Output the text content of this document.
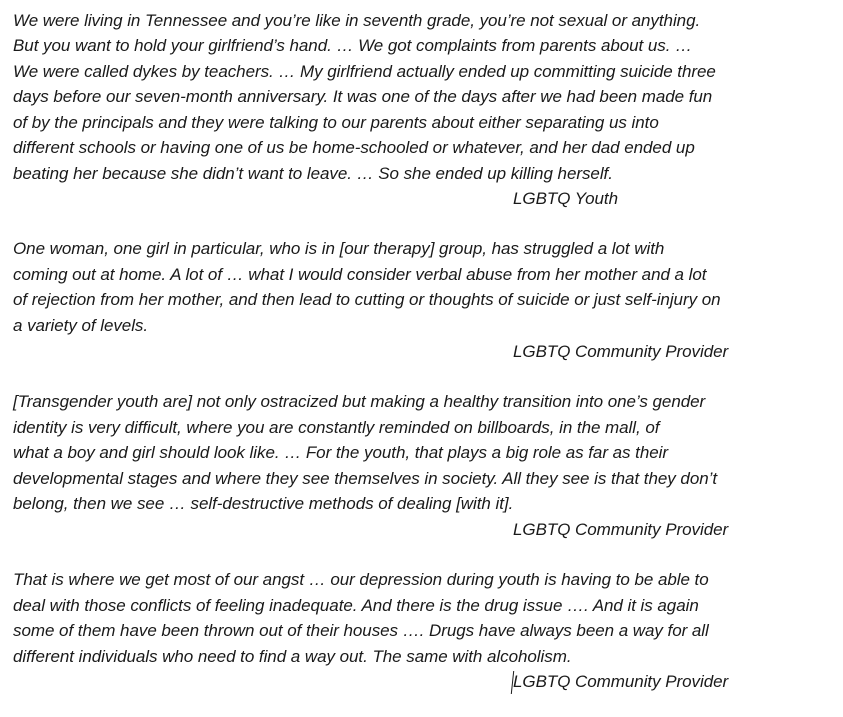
We were living in Tennessee and you’re like in seventh grade, you’re not sexual or anything.

But you want to hold your girlfriend’s hand. … We got complaints from parents about us. …

We were called dykes by teachers. … My girlfriend actually ended up committing suicide three

days before our seven-month anniversary. It was one of the days after we had been made fun

of by the principals and they were talking to our parents about either separating us into

different schools or having one of us be home-schooled or whatever, and her dad ended up

beating her because she didn’t want to leave. … So she ended up killing herself.

LGBTQ Youth

One woman, one girl in particular, who is in [our therapy] group, has struggled a lot with

coming out at home. A lot of … what I would consider verbal abuse from her mother and a lot

of rejection from her mother, and then lead to cutting or thoughts of suicide or just self-injury on

a variety of levels.

LGBTQ Community Provider

[Transgender youth are] not only ostracized but making a healthy transition into one’s gender

identity is very difficult, where you are constantly reminded on billboards, in the mall, of

what a boy and girl should look like. … For the youth, that plays a big role as far as their

developmental stages and where they see themselves in society. All they see is that they don’t

belong, then we see … self-destructive methods of dealing [with it].

LGBTQ Community Provider

That is where we get most of our angst … our depression during youth is having to be able to

deal with those conflicts of feeling inadequate. And there is the drug issue …. And it is again

some of them have been thrown out of their houses …. Drugs have always been a way for all

different individuals who need to find a way out. The same with alcoholism.

LGBTQ Community Provider
